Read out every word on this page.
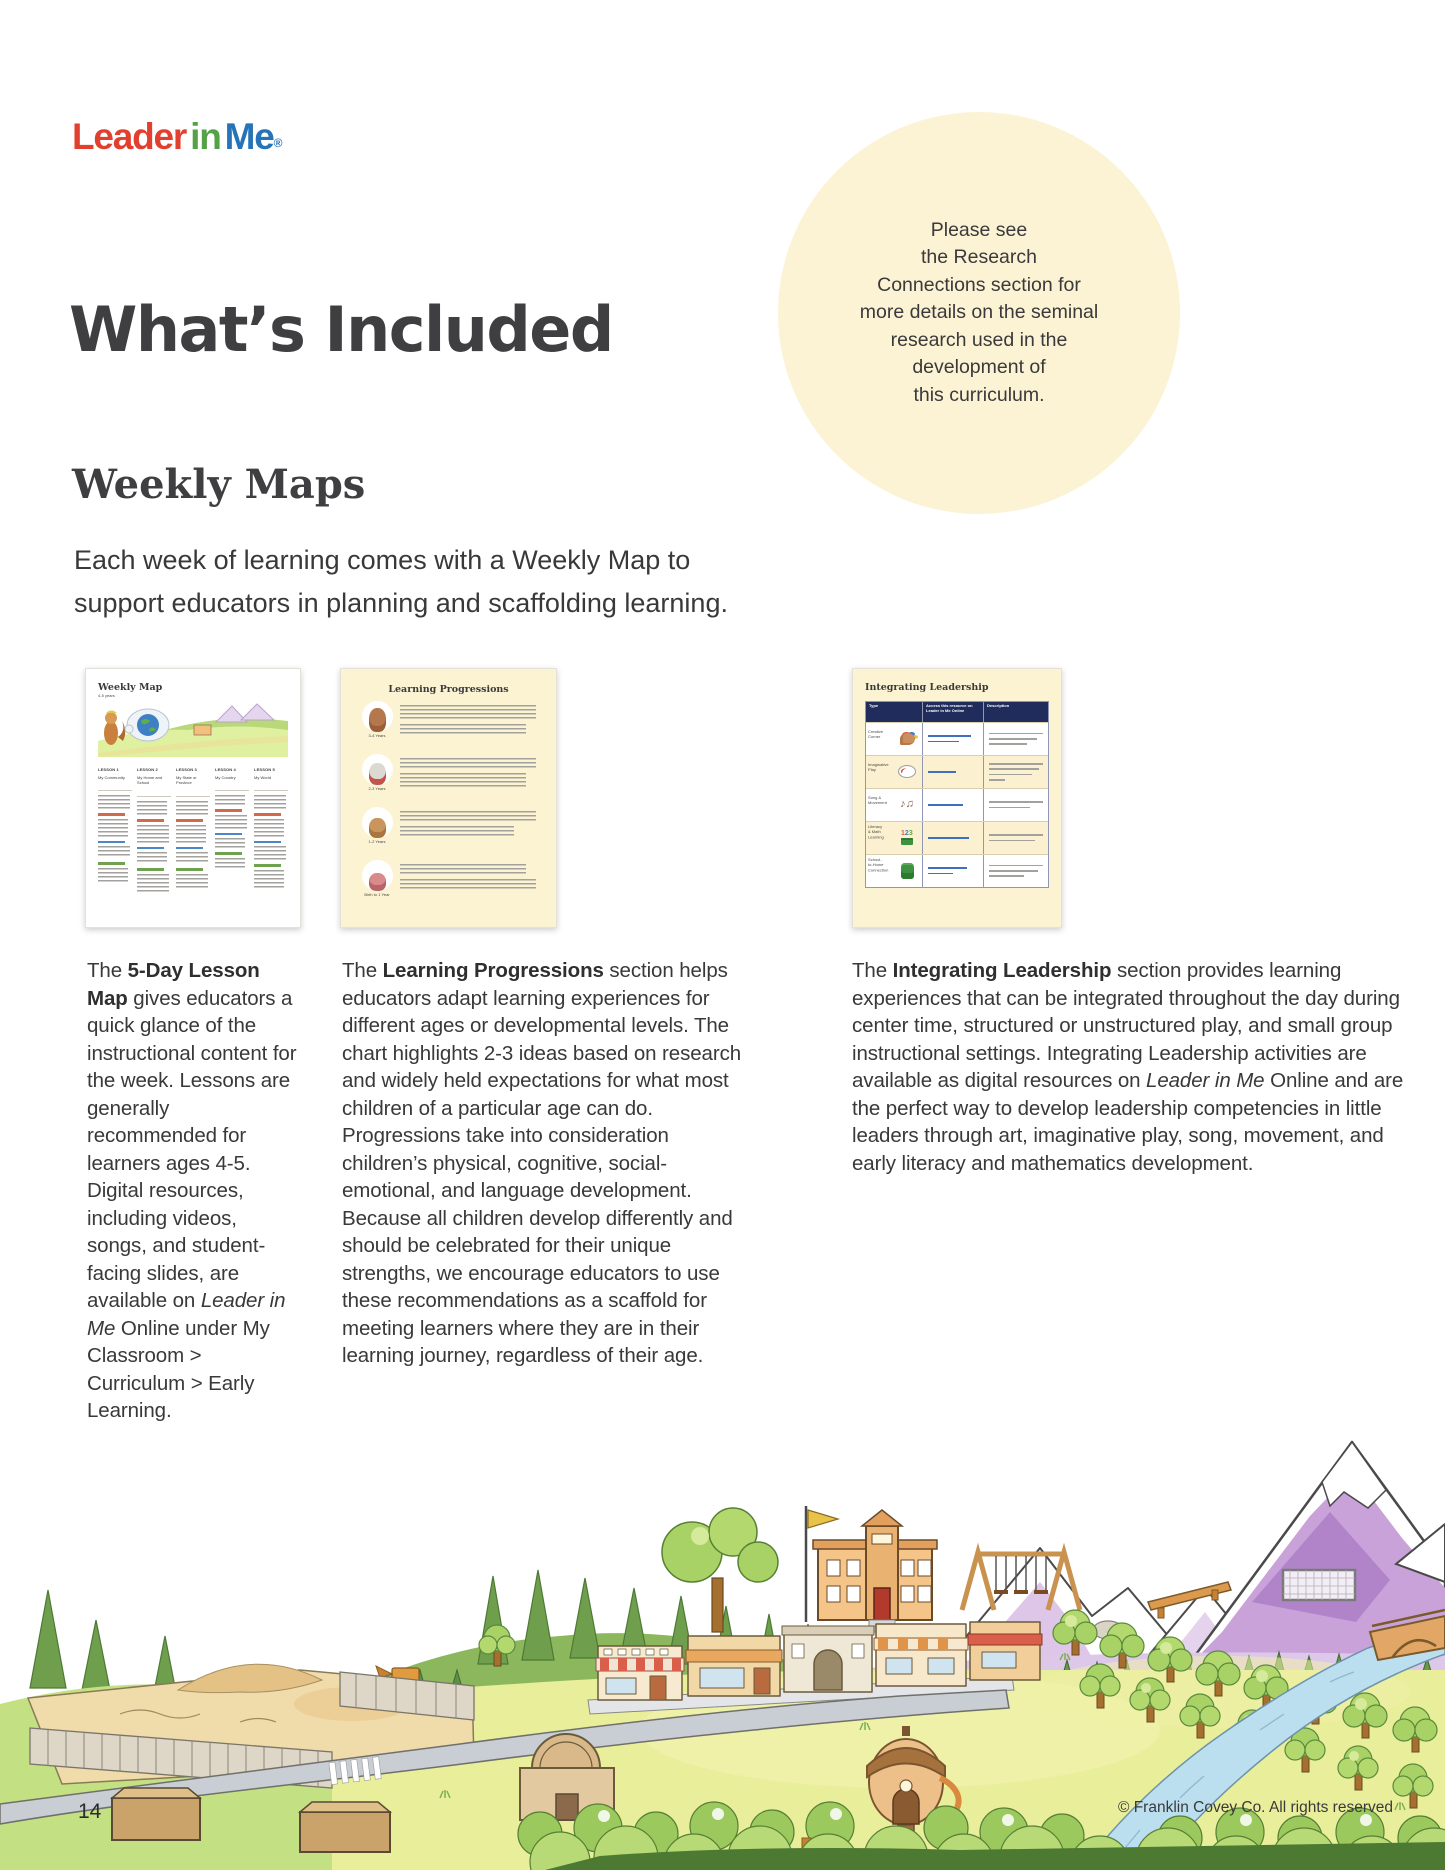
Leader in Me®
Please see
the Research
Connections section for
more details on the seminal
research used in the
development of
this curriculum.
What’s Included
Weekly Maps
Each week of learning comes with a Weekly Map to
support educators in planning and scaffolding learning.
Weekly Map
4-5 years
LESSON 1
My Community
LESSON 2
My Home and School
LESSON 3
My State or Province
LESSON 4
My Country
LESSON 5
My World
Learning Progressions
3-4 Years
2-3 Years
1-2 Years
Birth to 1 Year
Integrating Leadership
Type	Access this resource on Leader in Me Online
Description
Creative Corner
Imaginative Play
Song & Movement ♪♫
Literacy & Math Learning
123
School-to-Home Connection

The 5-Day Lesson Map gives educators a quick glance of the instructional content for the week. Lessons are generally recommended for learners ages 4-5. Digital resources, including videos, songs, and student-facing slides, are available on Leader in Me Online under My Classroom > Curriculum > Early Learning.

The Learning Progressions section helps educators adapt learning experiences for different ages or developmental levels. The chart highlights 2-3 ideas based on research and widely held expectations for what most children of a particular age can do. Progressions take into consideration children’s physical, cognitive, social-emotional, and language development. Because all children develop differently and should be celebrated for their unique strengths, we encourage educators to use these recommendations as a scaffold for meeting learners where they are in their learning journey, regardless of their age.

The Integrating Leadership section provides learning experiences that can be integrated throughout the day during center time, structured or unstructured play, and small group instructional settings. Integrating Leadership activities are available as digital resources on Leader in Me Online and are the perfect way to develop leadership competencies in little leaders through art, imaginative play, song, movement, and early literacy and mathematics development.

14	© Franklin Covey Co. All rights reserved
